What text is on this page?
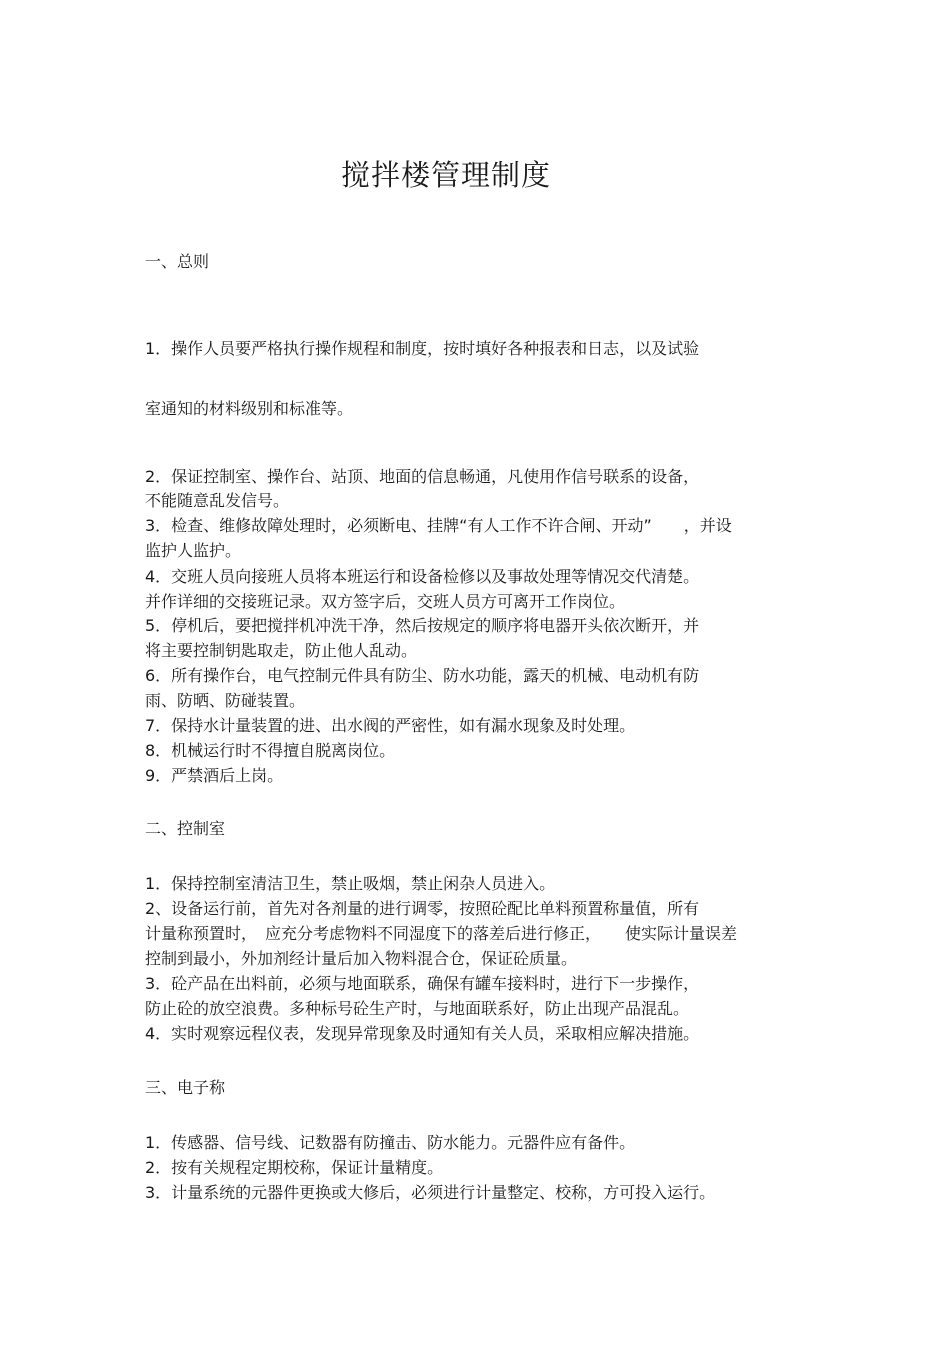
搅拌楼管理制度
一、总则
1．操作人员要严格执行操作规程和制度，按时填好各种报表和日志，以及试验
室通知的材料级别和标准等。
2．保证控制室、操作台、站顶、地面的信息畅通，凡使用作信号联系的设备，
不能随意乱发信号。
3．检查、维修故障处理时，必须断电、挂牌“有人工作不许合闸、开动”　　，并设
监护人监护。
4．交班人员向接班人员将本班运行和设备检修以及事故处理等情况交代清楚。
并作详细的交接班记录。双方签字后，交班人员方可离开工作岗位。
5．停机后，要把搅拌机冲洗干净，然后按规定的顺序将电器开头依次断开，并
将主要控制钥匙取走，防止他人乱动。
6．所有操作台，电气控制元件具有防尘、防水功能，露天的机械、电动机有防
雨、防晒、防碰装置。
7．保持水计量装置的进、出水阀的严密性，如有漏水现象及时处理。
8．机械运行时不得擅自脱离岗位。
9．严禁酒后上岗。
二、控制室
1．保持控制室清洁卫生，禁止吸烟，禁止闲杂人员进入。
2、设备运行前，首先对各剂量的进行调零，按照砼配比单料预置称量值，所有
计量称预置时，　应充分考虑物料不同湿度下的落差后进行修正，　　使实际计量误差
控制到最小，外加剂经计量后加入物料混合仓，保证砼质量。
3．砼产品在出料前，必须与地面联系，确保有罐车接料时，进行下一步操作，
防止砼的放空浪费。多种标号砼生产时，与地面联系好，防止出现产品混乱。
4．实时观察远程仪表，发现异常现象及时通知有关人员，采取相应解决措施。
三、电子称
1．传感器、信号线、记数器有防撞击、防水能力。元器件应有备件。
2．按有关规程定期校称，保证计量精度。
3．计量系统的元器件更换或大修后，必须进行计量整定、校称，方可投入运行。
